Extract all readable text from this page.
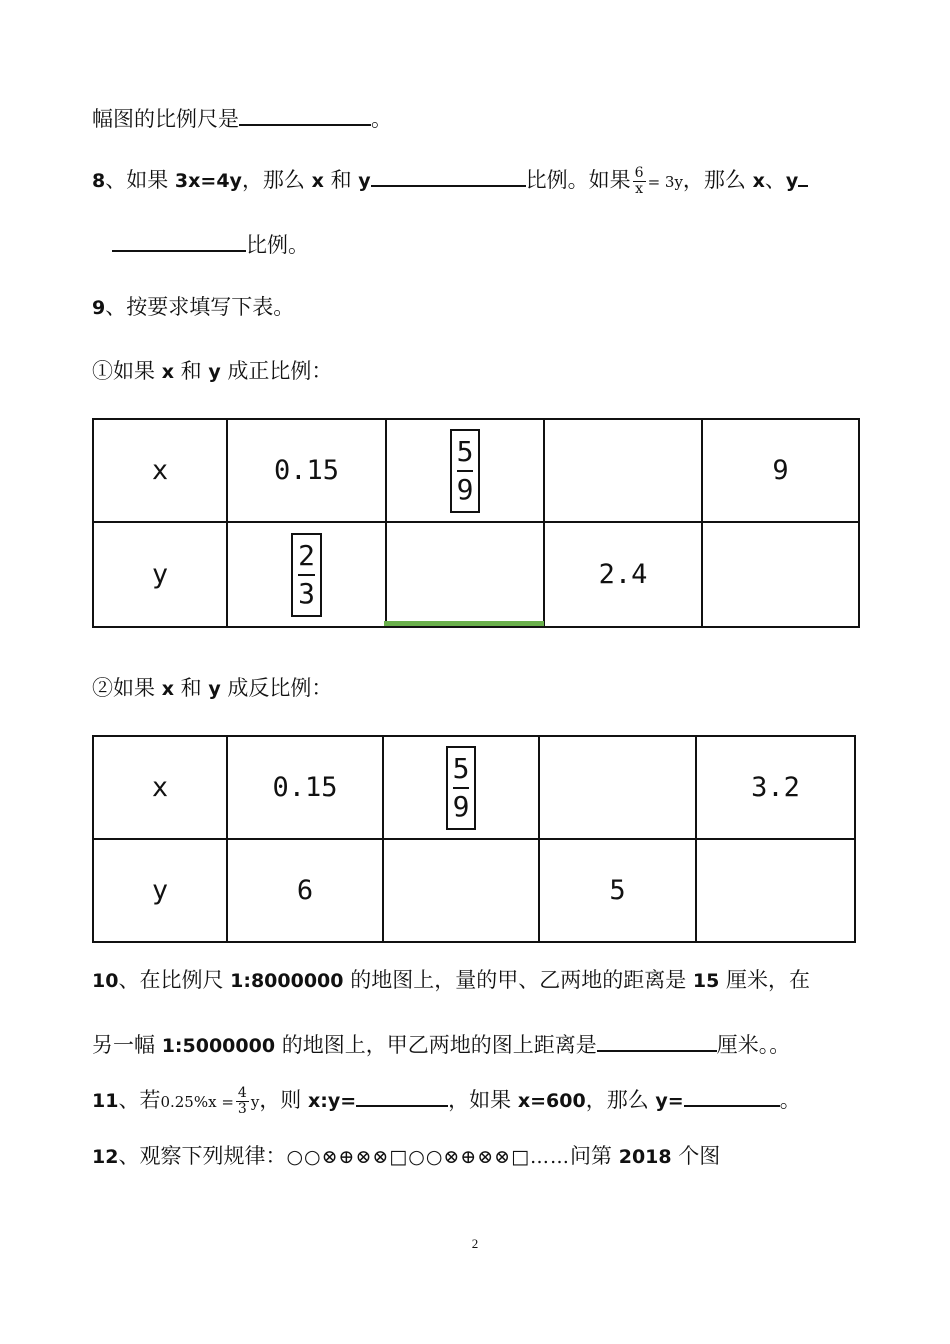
幅图的比例尺是	。
8、如果 3x=4y，那么 x 和 y	比例。如果 $\frac{6}{x} = 3y$，那么 x、y
比例。
9、按要求填写下表。
①如果 x 和 y 成正比例：
x	0.15	$\frac{5}{9}$		9
y	$\frac{2}{3}$		2.4	
②如果 x 和 y 成反比例：
x	0.15	$\frac{5}{9}$		3.2
y	6		5	
10、在比例尺 1:8000000 的地图上，量的甲、乙两地的距离是 15 厘米，在
另一幅 1:5000000 的地图上，甲乙两地的图上距离是	厘米。。
11、若$0.25\%x = \frac{4}{3}$ y，则 x:y=	，如果 x=600，那么 y=	。
12、观察下列规律：○○⊗⊕⊗⊗□○○⊗⊕⊗⊗□……问第 2018 个图
2
